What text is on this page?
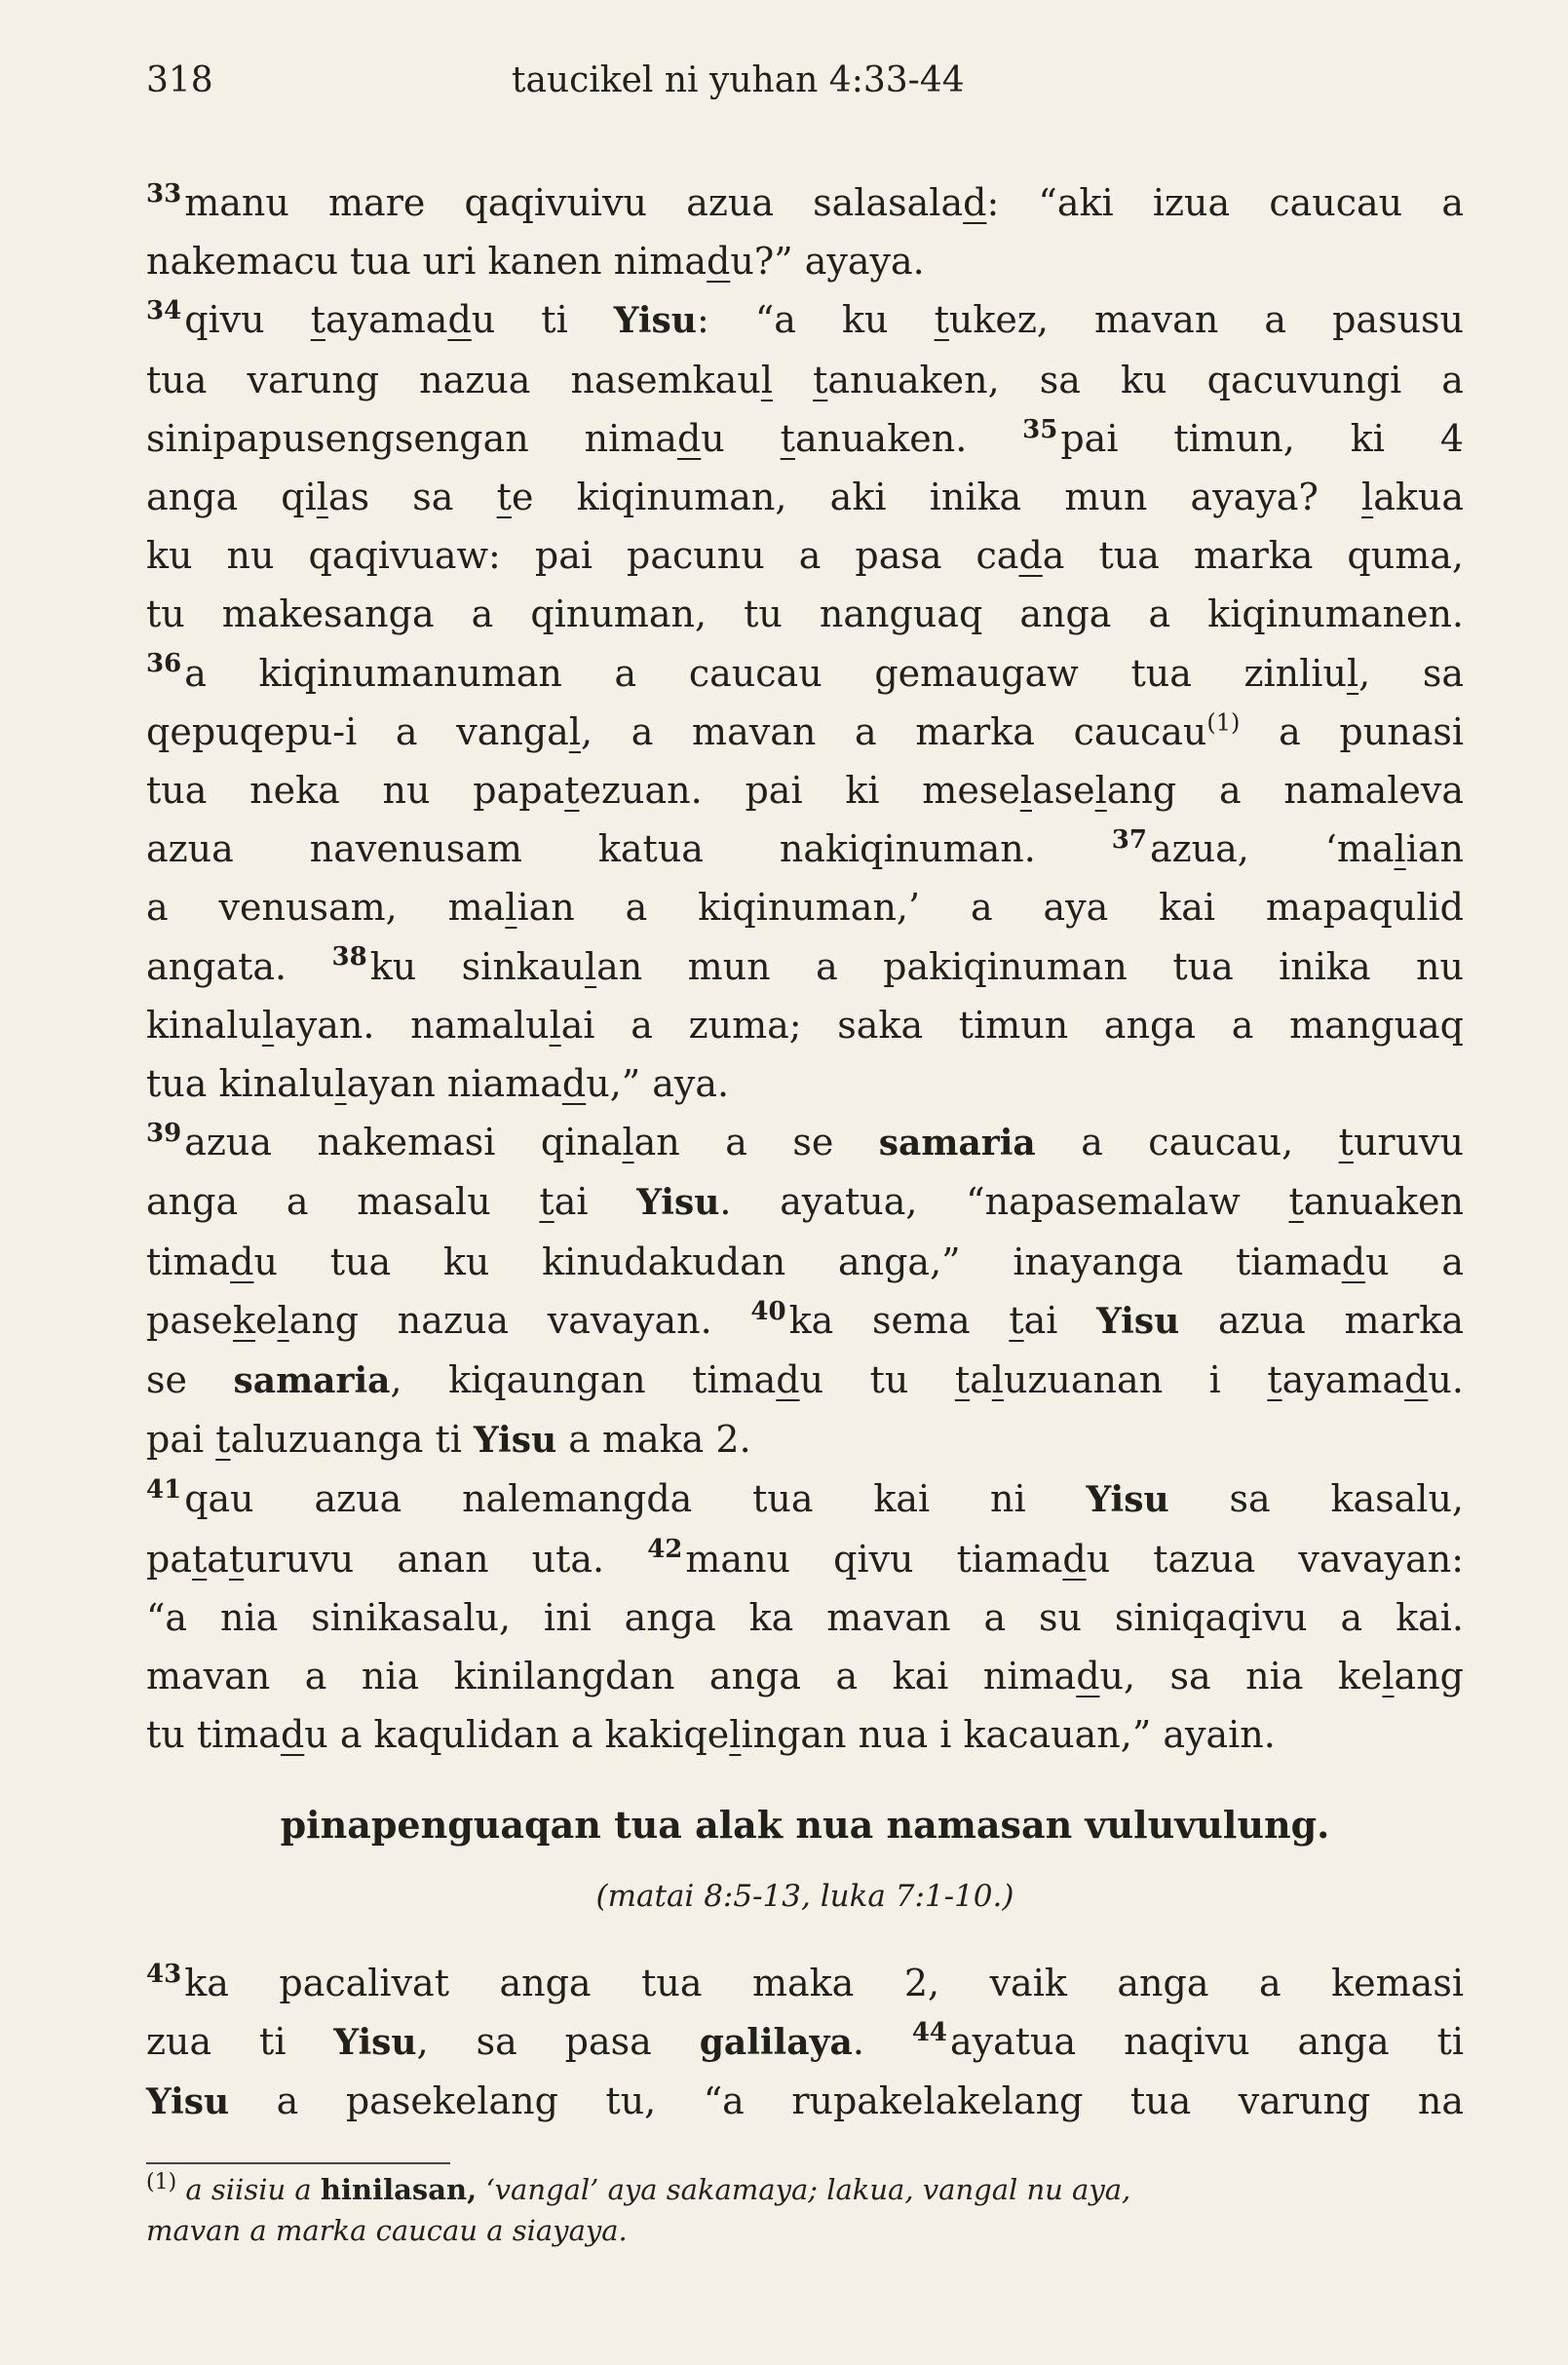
318	taucikel ni yuhan 4:33-44
$^{33}$manu mare qaqivuivu azua salasalad: “aki izua caucau a
nakemacu tua uri kanen nimadu?” ayaya.
$^{34}$qivu tayamadu ti Yisu: “a ku tukez, mavan a pasusu
tua varung nazua nasemkaul tanuaken, sa ku qacuvungi a
sinipapusengsengan nimadu tanuaken. $^{35}$pai timun, ki 4
anga qilas sa te kiqinuman, aki inika mun ayaya? lakua
ku nu qaqivuaw: pai pacunu a pasa cada tua marka quma,
tu makesanga a qinuman, tu nanguaq anga a kiqinumanen.
$^{36}$a kiqinumanuman a caucau gemaugaw tua zinliul, sa
qepuqepu-i a vangal, a mavan a marka caucau$^{(1)}$ a punasi
tua neka nu papatezuan. pai ki meselaselang a namaleva
azua navenusam katua nakiqinuman. $^{37}$azua, ‘malian
a venusam, malian a kiqinuman,’ a aya kai mapaqulid
angata. $^{38}$ku sinkaulan mun a pakiqinuman tua inika nu
kinalulayan. namalulai a zuma; saka timun anga a manguaq
tua kinalulayan niamadu,” aya.
$^{39}$azua nakemasi qinalan a se samaria a caucau, turuvu
anga a masalu tai Yisu. ayatua, “napasemalaw tanuaken
timadu tua ku kinudakudan anga,” inayanga tiamadu a
pasekelang nazua vavayan. $^{40}$ka sema tai Yisu azua marka
se samaria, kiqaungan timadu tu taluzuanan i tayamadu.
pai taluzuanga ti Yisu a maka 2.
$^{41}$qau azua nalemangda tua kai ni Yisu sa kasalu,
pataturuvu anan uta. $^{42}$manu qivu tiamadu tazua vavayan:
“a nia sinikasalu, ini anga ka mavan a su siniqaqivu a kai.
mavan a nia kinilangdan anga a kai nimadu, sa nia kelang
tu timadu a kaqulidan a kakiqelingan nua i kacauan,” ayain.
pinapenguaqan tua alak nua namasan vuluvulung.
(matai 8:5-13, luka 7:1-10.)
$^{43}$ka pacalivat anga tua maka 2, vaik anga a kemasi
zua ti Yisu, sa pasa galilaya. $^{44}$ayatua naqivu anga ti
Yisu a pasekelang tu, “a rupakelakelang tua varung na
$^{(1)}$ a siisiu a hinilasan, ‘vangal’ aya sakamaya; lakua, vangal nu aya,
mavan a marka caucau a siayaya.
